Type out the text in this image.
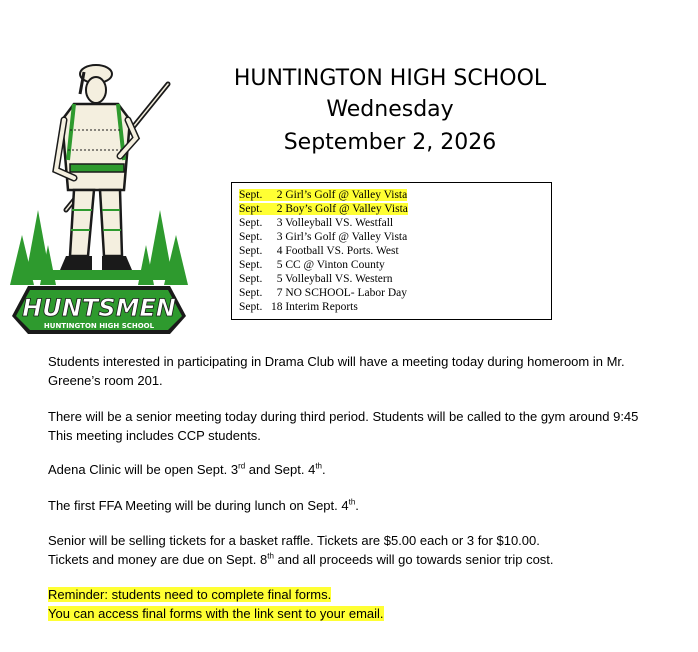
HUNTSMEN
HUNTINGTON HIGH SCHOOL
HUNTINGTON HIGH SCHOOL
Wednesday
September 2, 2026
Sept.     2 Girl’s Golf @ Valley Vista
Sept.     2 Boy’s Golf @ Valley Vista
Sept.     3 Volleyball VS. Westfall
Sept.     3 Girl’s Golf @ Valley Vista
Sept.     4 Football VS. Ports. West
Sept.     5 CC @ Vinton County
Sept.     5 Volleyball VS. Western
Sept.     7 NO SCHOOL- Labor Day
Sept.   18 Interim Reports
Students interested in participating in Drama Club will have a meeting today during homeroom in Mr.
Greene’s room 201.
There will be a senior meeting today during third period. Students will be called to the gym around 9:45
This meeting includes CCP students.
Adena Clinic will be open Sept. 3rd and Sept. 4th.
The first FFA Meeting will be during lunch on Sept. 4th.
Senior will be selling tickets for a basket raffle. Tickets are $5.00 each or 3 for $10.00.
Tickets and money are due on Sept. 8th and all proceeds will go towards senior trip cost.
Reminder: students need to complete final forms.
You can access final forms with the link sent to your email.
